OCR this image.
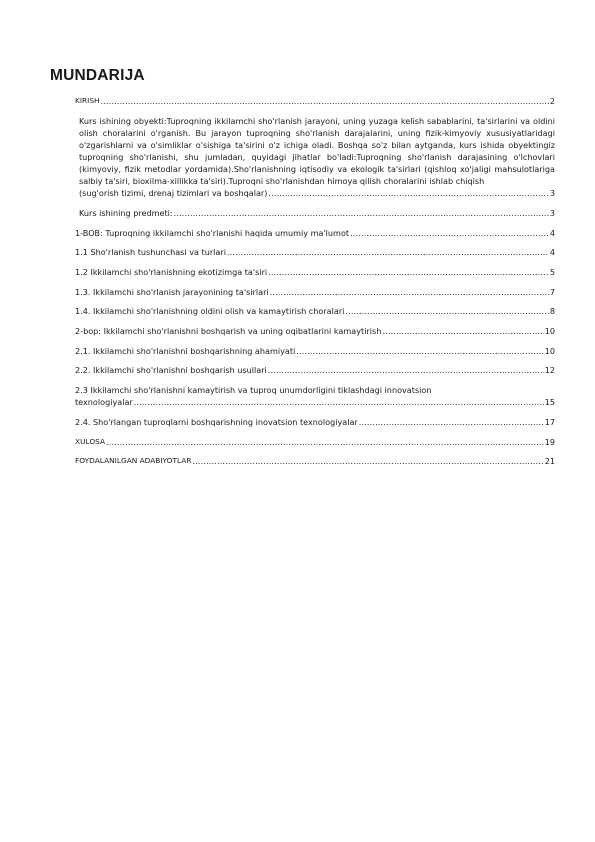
MUNDARIJA
KIRISH .....	2
Kurs ishining obyekti:Tuproqning ikkilamchi sho'rlanish jarayoni, uning yuzaga kelish sabablarini, ta'sirlarini va oldini olish choralarini o'rganish. Bu jarayon tuproqning sho'rlanish darajalarini, uning fizik-kimyoviy xususiyatlaridagi o'zgarishlarni va o'simliklar o'sishiga ta'sirini o'z ichiga oladi. Boshqa so'z bilan aytganda, kurs ishida obyektingiz tuproqning sho'rlanishi, shu jumladan, quyidagi jihatlar bo'ladi:Tuproqning sho'rlanish darajasining o'lchovlari (kimyoviy, fizik metodlar yordamida).Sho'rlanishning iqtisodiy va ekologik ta'sirlari (qishloq xo'jaligi mahsulotlariga salbiy ta'siri, bioxilma-xillikka ta'siri).Tuproqni sho'rlanishdan himoya qilish choralarini ishlab chiqish
(sug'orish tizimi, drenaj tizimlari va boshqalar) .....	3
Kurs ishining predmeti: .....	3
1-BOB: Tuproqning ikkilamchi sho'rlanishi haqida umumiy ma'lumot .....	4
1.1 Sho'rlanish tushunchasi va turlari .....	4
1.2 Ikkilamchi sho'rlanishning ekotizimga ta'siri .....	5
1.3. Ikkilamchi sho'rlanish jarayonining ta'sirlari .....	7
1.4. Ikkilamchi sho'rlanishning oldini olish va kamaytirish choralari .....	8
2-bop: Ikkilamchi sho'rlanishni boshqarish va uning oqibatlarini kamaytirish .....	10
2.1. Ikkilamchi sho'rlanishni boshqarishning ahamiyati .....	10
2.2. Ikkilamchi sho'rlanishni boshqarish usullari .....	12
2.3 Ikkilamchi sho'rlanishni kamaytirish va tuproq unumdorligini tiklashdagi innovatsion
texnologiyalar .....	15
2.4. Sho'rlangan tuproqlarni boshqarishning inovatsion texnologiyalar .....	17
XULOSA .....	19
FOYDALANILGAN ADABIYOTLAR .....	21
